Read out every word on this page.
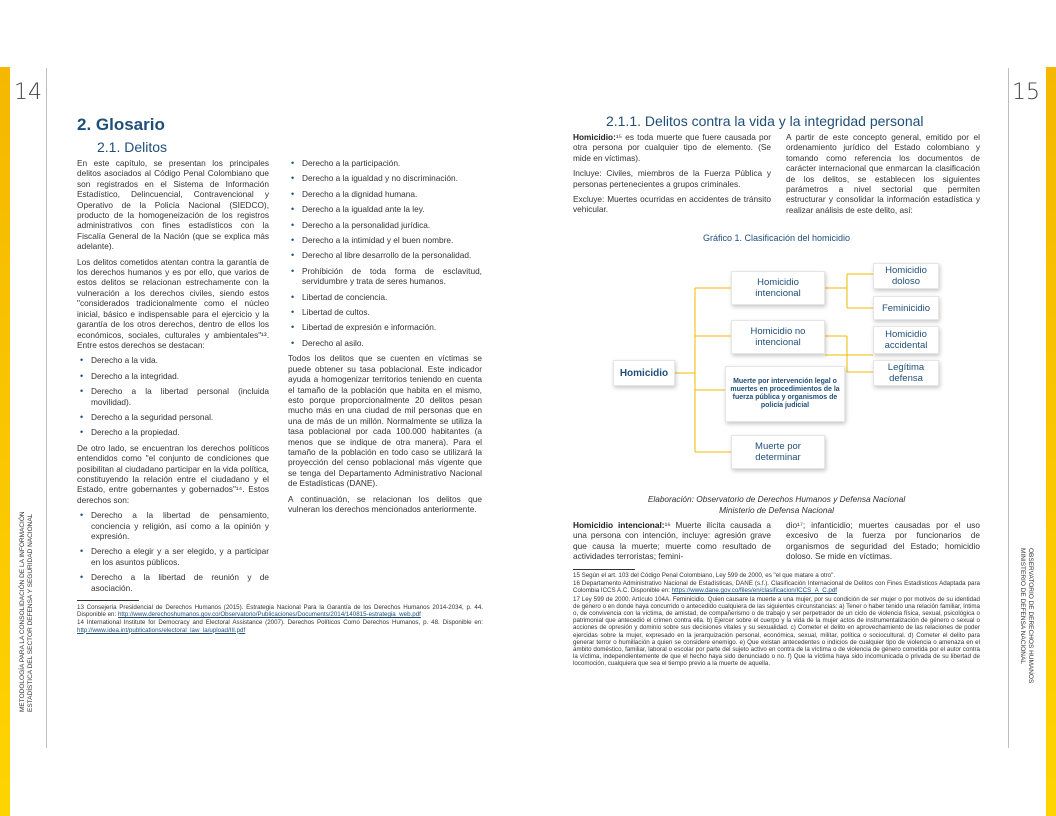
14	15
METODOLOGÍA PARA LA CONSOLIDACIÓN DE LA INFORMACIÓN ESTADÍSTICA DEL SECTOR DEFENSA Y SEGURIDAD NACIONAL	OBSERVATORIO DE DERECHOS HUMANOS
MINISTERIO DE DEFENSA NACIONAL
2. Glosario
2.1. Delitos
2.1.1. Delitos contra la vida y la integridad personal

En este capítulo, se presentan los principales delitos asociados al Código Penal Colombiano que son registrados en el Sistema de Información Estadístico, Delincuencial, Contravencional y Operativo de la Policía Nacional (SIEDCO), producto de la homogeneización de los registros administrativos con fines estadísticos con la Fiscalía General de la Nación (que se explica más adelante).

Los delitos cometidos atentan contra la garantía de los derechos humanos y es por ello, que varios de estos delitos se relacionan estrechamente con la vulneración a los derechos civiles, siendo estos "considerados tradicionalmente como el núcleo inicial, básico e indispensable para el ejercicio y la garantía de los otros derechos, dentro de ellos los económicos, sociales, culturales y ambientales"¹³. Entre estos derechos se destacan:

• Derecho a la vida.
• Derecho a la integridad.
• Derecho a la libertad personal (incluida movilidad).
• Derecho a la seguridad personal.
• Derecho a la propiedad.

De otro lado, se encuentran los derechos políticos entendidos como "el conjunto de condiciones que posibilitan al ciudadano participar en la vida política, constituyendo la relación entre el ciudadano y el Estado, entre gobernantes y gobernados"¹⁴. Estos derechos son:

• Derecho a la libertad de pensamiento, conciencia y religión, así como a la opinión y expresión.
• Derecho a elegir y a ser elegido, y a participar en los asuntos públicos.
• Derecho a la libertad de reunión y de asociación.
• Derecho a la participación.
• Derecho a la igualdad y no discriminación.
• Derecho a la dignidad humana.
• Derecho a la igualdad ante la ley.
• Derecho a la personalidad jurídica.
• Derecho a la intimidad y el buen nombre.
• Derecho al libre desarrollo de la personalidad.
• Prohibición de toda forma de esclavitud, servidumbre y trata de seres humanos.
• Libertad de conciencia.
• Libertad de cultos.
• Libertad de expresión e información.
• Derecho al asilo.

Todos los delitos que se cuenten en víctimas se puede obtener su tasa poblacional. Este indicador ayuda a homogenizar territorios teniendo en cuenta el tamaño de la población que habita en el mismo, esto porque proporcionalmente 20 delitos pesan mucho más en una ciudad de mil personas que en una de más de un millón. Normalmente se utiliza la tasa poblacional por cada 100.000 habitantes (a menos que se indique de otra manera). Para el tamaño de la población en todo caso se utilizará la proyección del censo poblacional más vigente que se tenga del Departamento Administrativo Nacional de Estadísticas (DANE).

A continuación, se relacionan los delitos que vulneran los derechos mencionados anteriormente.

13 Consejería Presidencial de Derechos Humanos (2015). Estrategia Nacional Para la Garantía de los Derechos Humanos 2014-2034, p. 44. Disponible en: http://www.derechoshumanos.gov.co/Observatorio/Publicaciones/Documents/2014/140815-estrategia_web.pdf

14 International Institute for Democracy and Electoral Assistance (2007). Derechos Políticos Como Derechos Humanos, p. 48. Disponible en: http://www.idea.int/publications/electoral_law_la/upload/III.pdf

Homicidio:¹⁵ es toda muerte que fuere causada por otra persona por cualquier tipo de elemento. (Se mide en víctimas).

Incluye: Civiles, miembros de la Fuerza Pública y personas pertenecientes a grupos criminales.

Excluye: Muertes ocurridas en accidentes de tránsito vehicular.

A partir de este concepto general, emitido por el ordenamiento jurídico del Estado colombiano y tomando como referencia los documentos de carácter internacional que enmarcan la clasificación de los delitos, se establecen los siguientes parámetros a nivel sectorial que permiten estructurar y consolidar la información estadística y realizar análisis de este delito, así:

Gráfico 1. Clasificación del homicidio
Homicidio
Homicidio intencional
Homicidio no intencional
Muerte por intervención legal o muertes en procedimientos de la fuerza pública y organismos de policía judicial
Muerte por determinar
Homicidio doloso
Feminicidio
Homicidio accidental
Legítima defensa
Elaboración: Observatorio de Derechos Humanos y Defensa Nacional
Ministerio de Defensa Nacional

Homicidio intencional:¹⁶ Muerte ilícita causada a una persona con intención, incluye: agresión grave que causa la muerte; muerte como resultado de actividades terroristas; femini-

dio¹⁷; infanticidio; muertes causadas por el uso excesivo de la fuerza por funcionarios de organismos de seguridad del Estado; homicidio doloso. Se mide en víctimas.

15 Según el art. 103 del Código Penal Colombiano, Ley 599 de 2000, es "el que matare a otro".

16 Departamento Administrativo Nacional de Estadísticas, DANE (s.f.). Clasificación Internacional de Delitos con Fines Estadísticos Adaptada para Colombia ICCS A.C. Disponible en: https://www.dane.gov.co/files/en/clasificacion/ICCS_A_C.pdf

17 Ley 599 de 2000. Artículo 104A. Feminicidio. Quien causare la muerte a una mujer, por su condición de ser mujer o por motivos de su identidad de género o en donde haya concurrido o antecedido cualquiera de las siguientes circunstancias: a) Tener o haber tenido una relación familiar, íntima o, de convivencia con la víctima, de amistad, de compañerismo o de trabajo y ser perpetrador de un ciclo de violencia física, sexual, psicológica o patrimonial que antecedió el crimen contra ella. b) Ejercer sobre el cuerpo y la vida de la mujer actos de instrumentalización de género o sexual o acciones de opresión y dominio sobre sus decisiones vitales y su sexualidad. c) Cometer el delito en aprovechamiento de las relaciones de poder ejercidas sobre la mujer, expresado en la jerarquización personal, económica, sexual, militar, política o sociocultural. d) Cometer el delito para generar terror o humillación a quien se considere enemigo. e) Que existan antecedentes o indicios de cualquier tipo de violencia o amenaza en el ámbito doméstico, familiar, laboral o escolar por parte del sujeto activo en contra de la víctima o de violencia de género cometida por el autor contra la víctima, independientemente de que el hecho haya sido denunciado o no. f) Que la víctima haya sido incomunicada o privada de su libertad de locomoción, cualquiera que sea el tiempo previo a la muerte de aquella.
